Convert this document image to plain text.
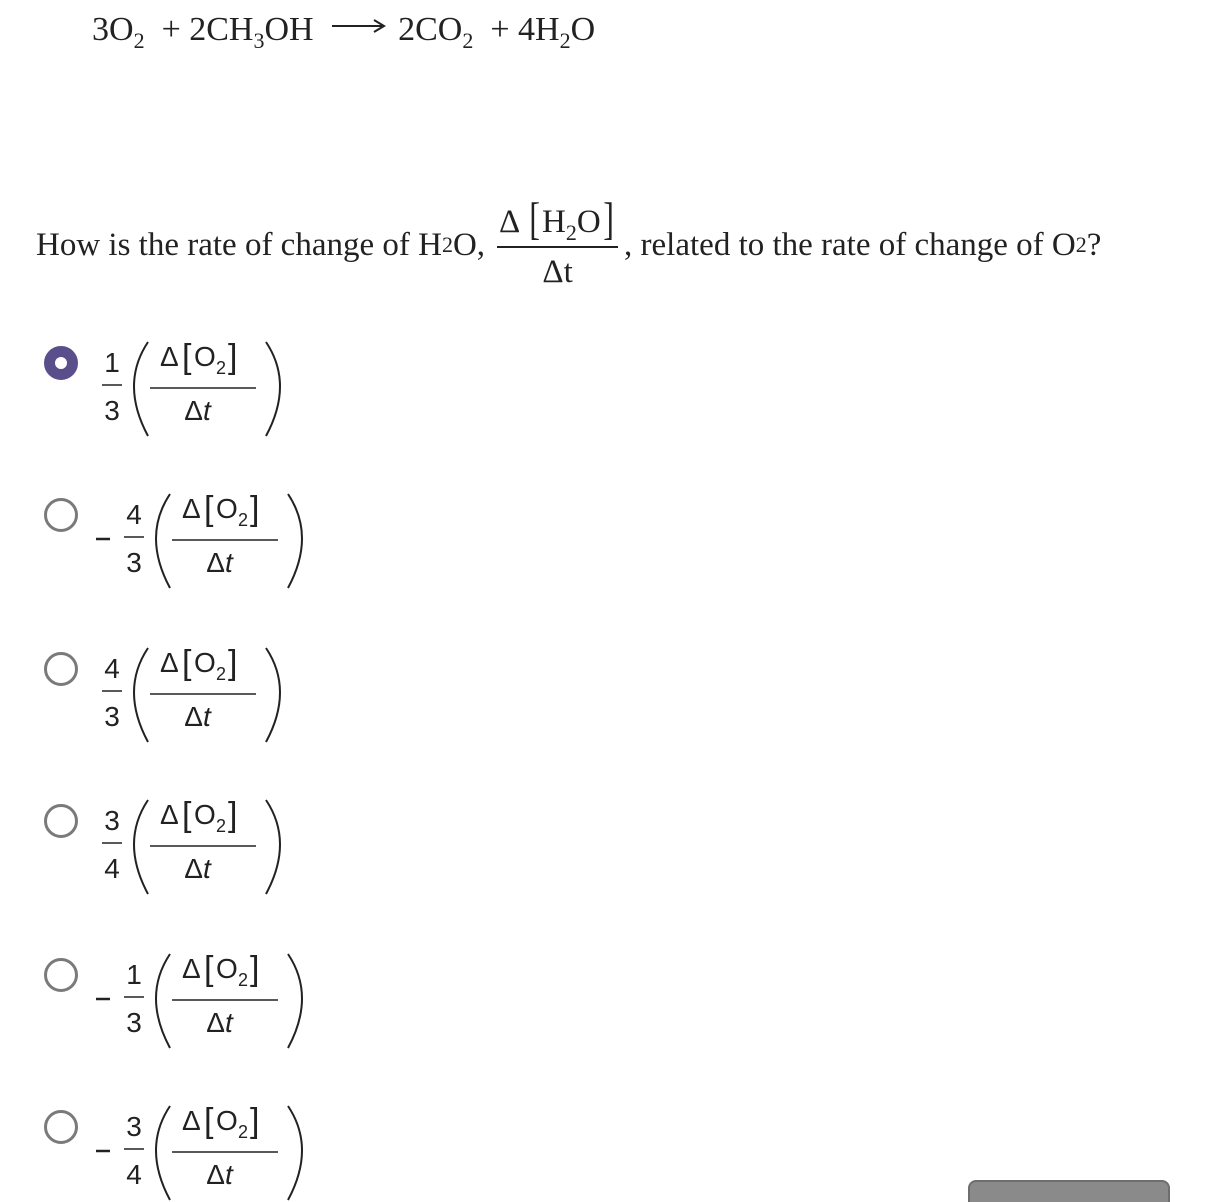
$3O_2 + 2CH_3OH \to 2CO_2 + 4H_2O$
How is the rate of change of H 2 O, $\frac{\Delta [H_2O]}{\Delta t}$ , related to the rate of change of O 2 ?
1
3
Δ [ O 2 ]
Δ t
4
3
Δ [ O 2 ]
Δ t
4
3
Δ [ O 2 ]
Δ t
3
4
Δ [ O 2 ]
Δ t
1
3
Δ [ O 2 ]
Δ t
3
4
Δ [ O 2 ]
Δ t
